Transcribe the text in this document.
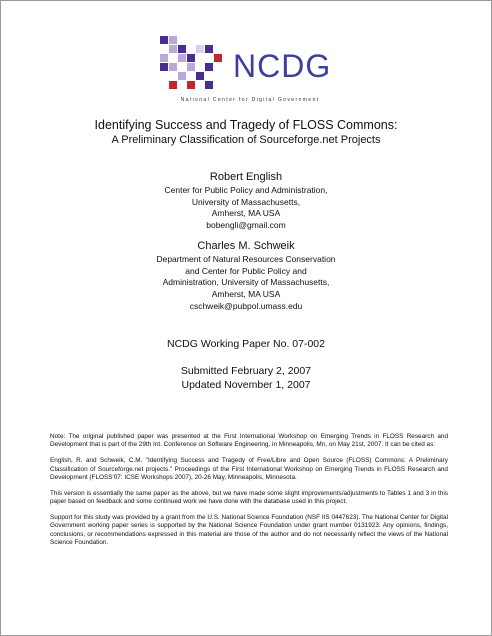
NCDG
National Center for Digital Government
Identifying Success and Tragedy of FLOSS Commons:
A Preliminary Classification of Sourceforge.net Projects
Robert English
Center for Public Policy and Administration,
University of Massachusetts,
Amherst, MA USA
bobengli@gmail.com
Charles M. Schweik
Department of Natural Resources Conservation
and Center for Public Policy and
Administration, University of Massachusetts,
Amherst, MA USA
cschweik@pubpol.umass.edu
NCDG Working Paper No. 07-002
Submitted February 2, 2007
Updated November 1, 2007

Note: The original published paper was presented at the First International Workshop on Emerging Trends in FLOSS Research and Development that is part of the 29th Int. Conference on Software Engineering, in Minneapolis, Mn, on May 21st, 2007. It can be cited as:

English, R. and Schweik, C.M. "Identifying Success and Tragedy of Free/Libre and Open Source (FLOSS) Commons: A Preliminary Classification of Sourceforge.net projects." Proceedings of the First International Workshop on Emerging Trends in FLOSS Research and Development (FLOSS'07: ICSE Workshops 2007), 20-26 May, Minneapolis, Minnesota.

This version is essentially the same paper as the above, but we have made some slight improvements/adjustments to Tables 1 and 3 in this paper based on feedback and some continued work we have done with the database used in this project.

Support for this study was provided by a grant from the U.S. National Science Foundation (NSF IIS 0447623). The National Center for Digital Government working paper series is supported by the National Science Foundation under grant number 0131923. Any opinions, findings, conclusions, or recommendations expressed in this material are those of the author and do not necessarily reflect the views of the National Science Foundation.
